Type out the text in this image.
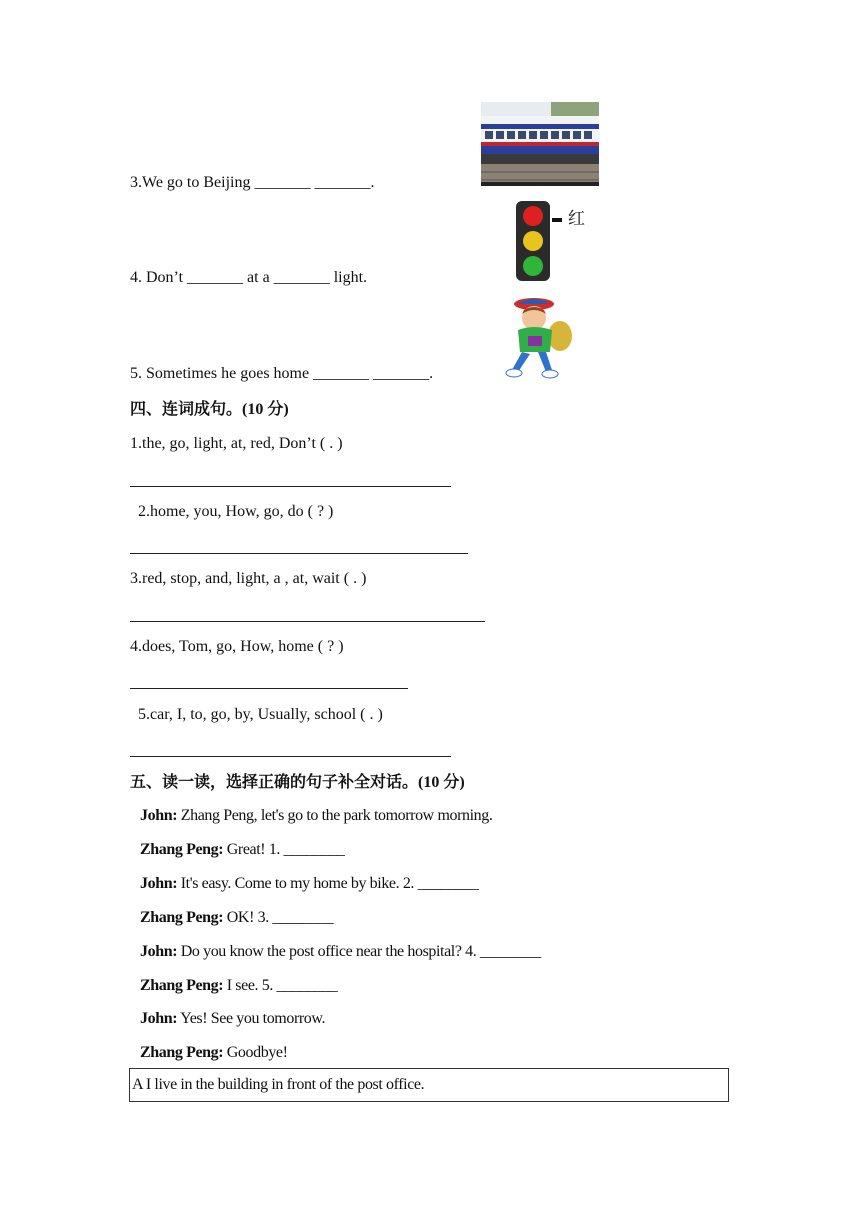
3.We go to Beijing _______ _______.
4. Don’t _______ at a _______ light.
5. Sometimes he goes home _______ _______.
红
四、连词成句。(10 分)
1.the, go, light, at, red, Don’t ( . )
2.home, you, How, go, do ( ? )
3.red, stop, and, light, a , at, wait ( . )
4.does, Tom, go, How, home ( ? )
5.car, I, to, go, by, Usually, school ( . )
五、读一读，选择正确的句子补全对话。(10 分)
John: Zhang Peng, let's go to the park tomorrow morning.
Zhang Peng: Great! 1. ________
John: It's easy. Come to my home by bike. 2. ________
Zhang Peng: OK! 3. ________
John: Do you know the post office near the hospital? 4. ________
Zhang Peng: I see. 5. ________
John: Yes! See you tomorrow.
Zhang Peng: Goodbye!
A I live in the building in front of the post office.
